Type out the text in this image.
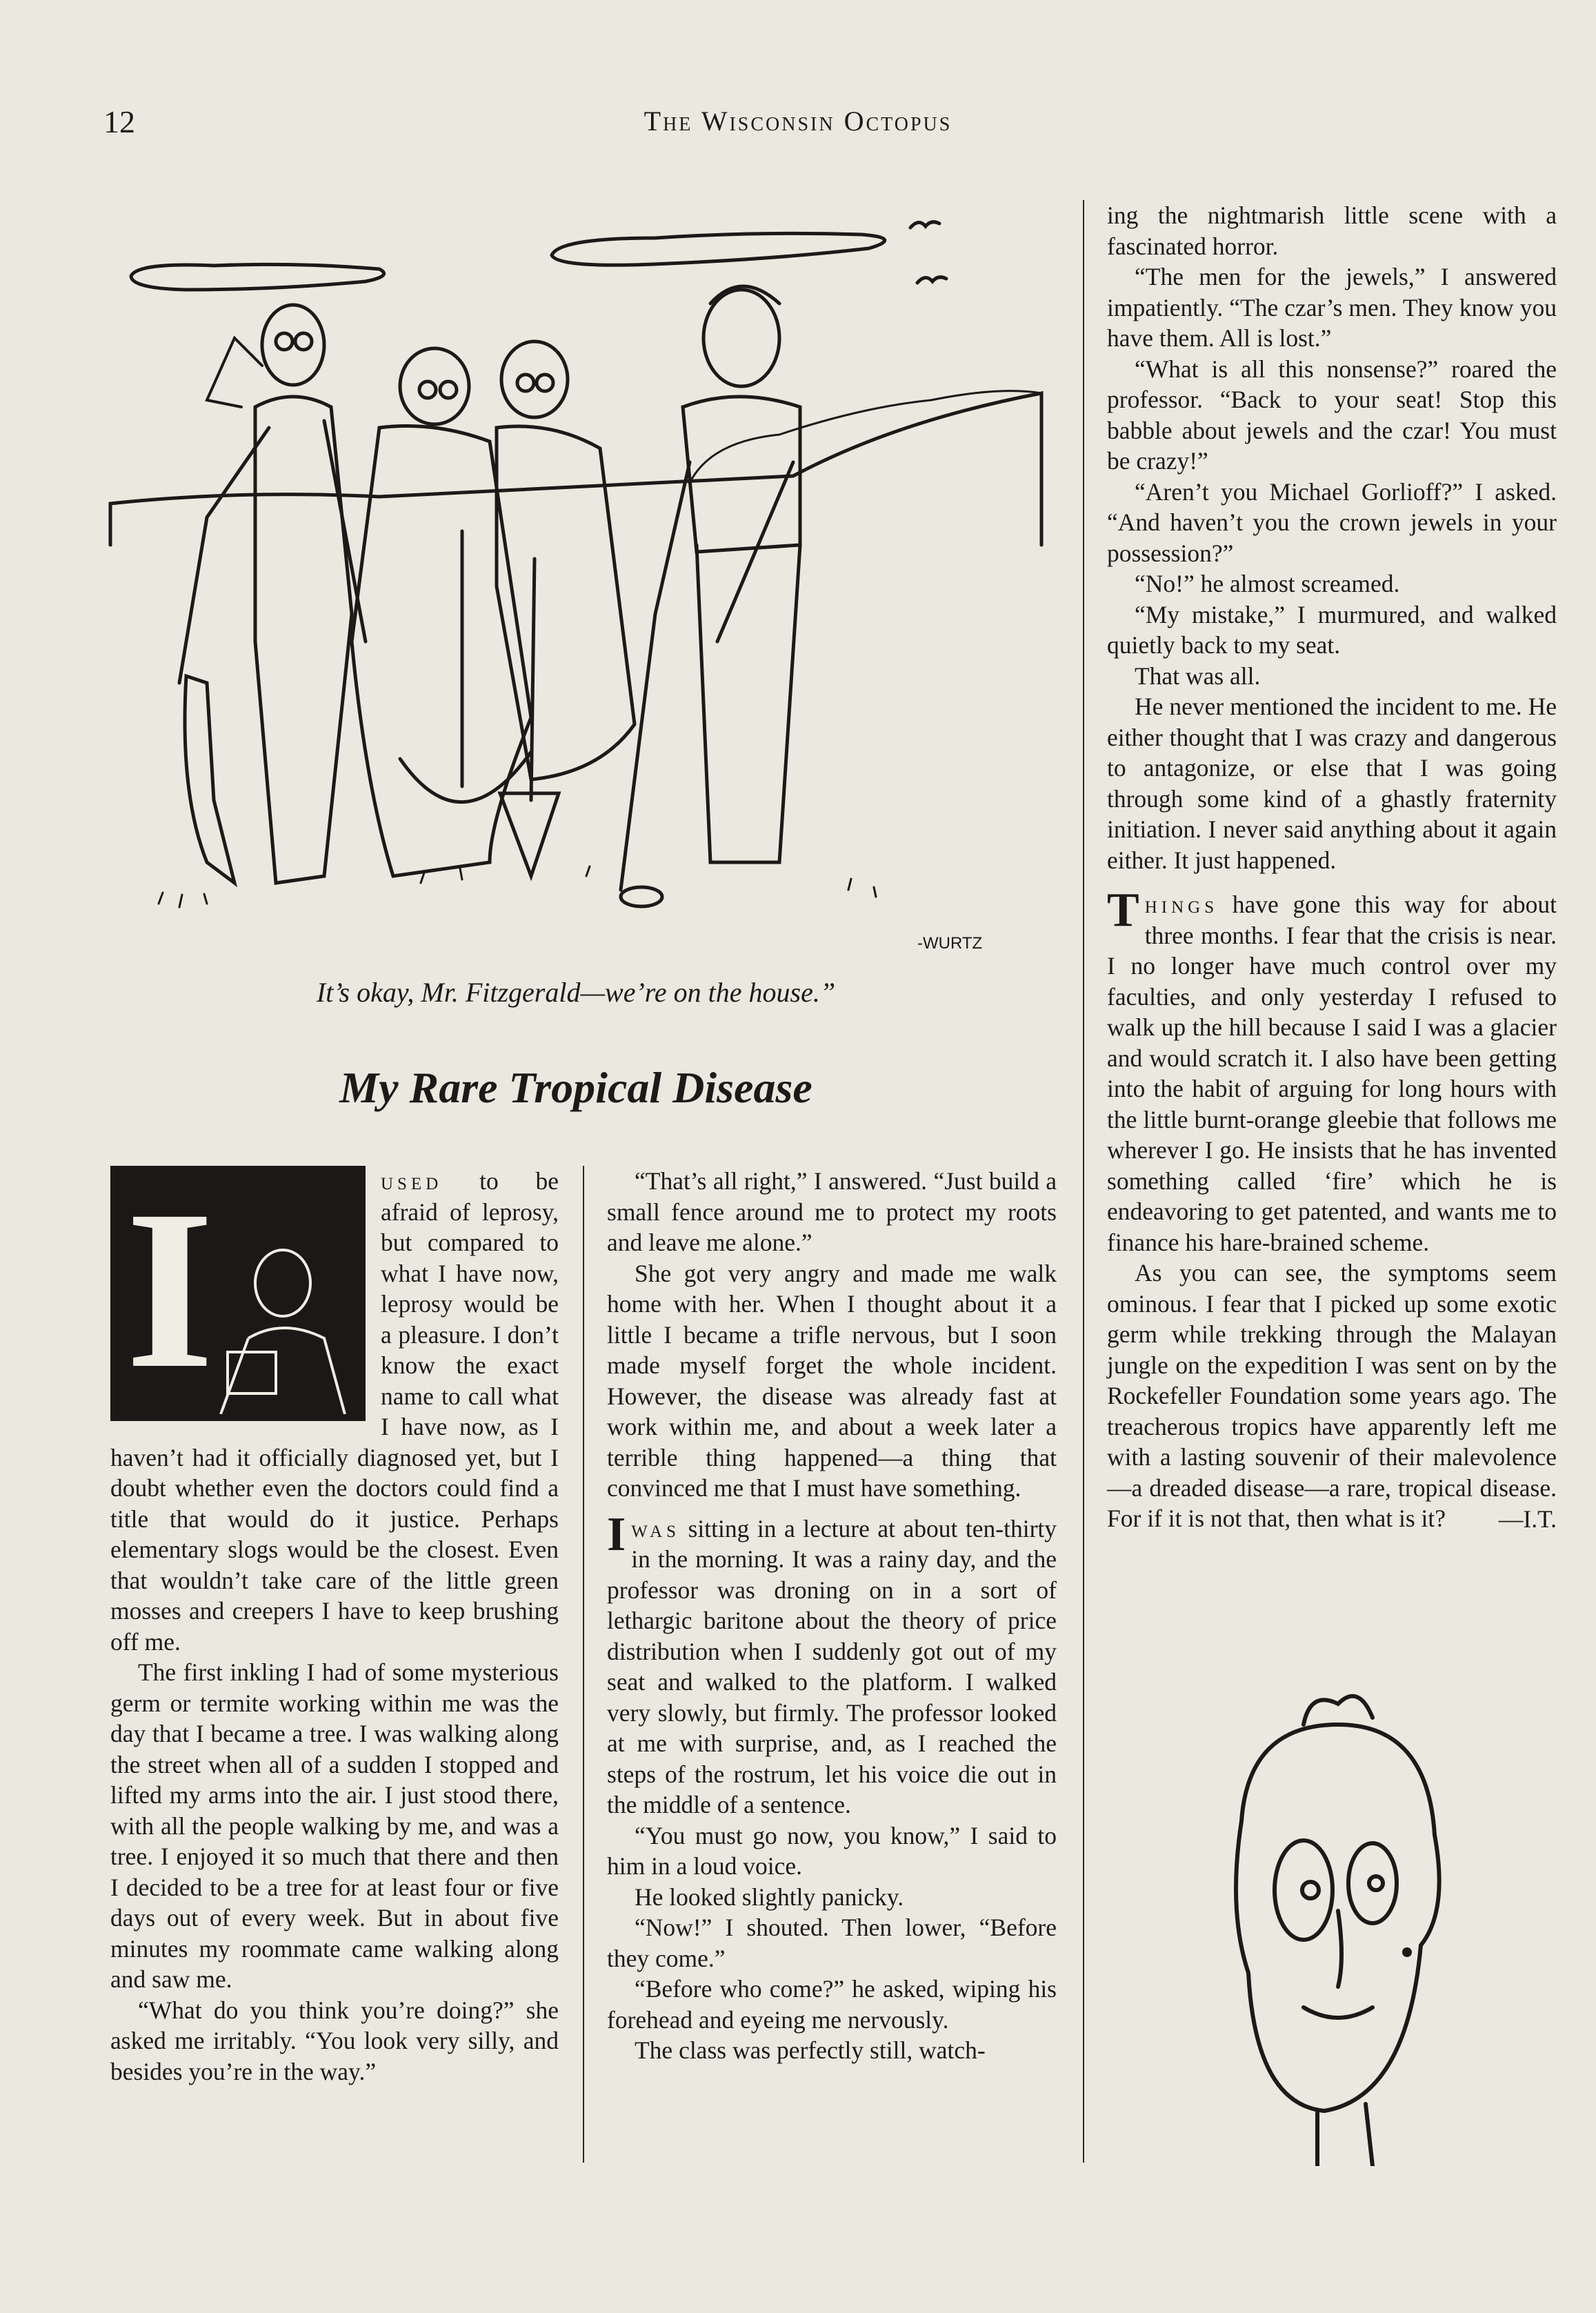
12	The Wisconsin Octopus
-WURTZ
It’s okay, Mr. Fitzgerald—we’re on the house.”
My Rare Tropical Disease
I	used to be afraid of leprosy, but compared to what I have now, leprosy would be a pleasure. I don’t know the exact name to call what I have now, as I haven’t had it officially diagnosed yet, but I doubt whether even the doctors could find a title that would do it justice. Perhaps elementary slogs would be the closest. Even that wouldn’t take care of the little green mosses and creepers I have to keep brushing off me.

The first inkling I had of some mysterious germ or termite working within me was the day that I became a tree. I was walking along the street when all of a sudden I stopped and lifted my arms into the air. I just stood there, with all the people walking by me, and was a tree. I enjoyed it so much that there and then I decided to be a tree for at least four or five days out of every week. But in about five minutes my roommate came walking along and saw me.

“What do you think you’re doing?” she asked me irritably. “You look very silly, and besides you’re in the way.”

“That’s all right,” I answered. “Just build a small fence around me to protect my roots and leave me alone.”

She got very angry and made me walk home with her. When I thought about it a little I became a trifle nervous, but I soon made myself forget the whole incident. However, the disease was already fast at work within me, and about a week later a terrible thing happened—a thing that convinced me that I must have something.

Iwas sitting in a lecture at about ten-thirty in the morning. It was a rainy day, and the professor was droning on in a sort of lethargic baritone about the theory of price distribution when I suddenly got out of my seat and walked to the platform. I walked very slowly, but firmly. The professor looked at me with surprise, and, as I reached the steps of the rostrum, let his voice die out in the middle of a sentence.

“You must go now, you know,” I said to him in a loud voice.

He looked slightly panicky.

“Now!” I shouted. Then lower, “Before they come.”

“Before who come?” he asked, wiping his forehead and eyeing me nervously.

The class was perfectly still, watch-

ing the nightmarish little scene with a fascinated horror.

“The men for the jewels,” I answered impatiently. “The czar’s men. They know you have them. All is lost.”

“What is all this nonsense?” roared the professor. “Back to your seat! Stop this babble about jewels and the czar! You must be crazy!”

“Aren’t you Michael Gorlioff?” I asked. “And haven’t you the crown jewels in your possession?”

“No!” he almost screamed.

“My mistake,” I murmured, and walked quietly back to my seat.

That was all.

He never mentioned the incident to me. He either thought that I was crazy and dangerous to antagonize, or else that I was going through some kind of a ghastly fraternity initiation. I never said anything about it again either. It just happened.

Things have gone this way for about three months. I fear that the crisis is near. I no longer have much control over my faculties, and only yesterday I refused to walk up the hill because I said I was a glacier and would scratch it. I also have been getting into the habit of arguing for long hours with the little burnt-orange gleebie that follows me wherever I go. He insists that he has invented something called ‘fire’ which he is endeavoring to get patented, and wants me to finance his hare-brained scheme.

As you can see, the symptoms seem ominous. I fear that I picked up some exotic germ while trekking through the Malayan jungle on the expedition I was sent on by the Rockefeller Foundation some years ago. The treacherous tropics have apparently left me with a lasting souvenir of their malevolence—a dreaded disease—a rare, tropical disease. For if it is not that, then what is it?	—I.T.
